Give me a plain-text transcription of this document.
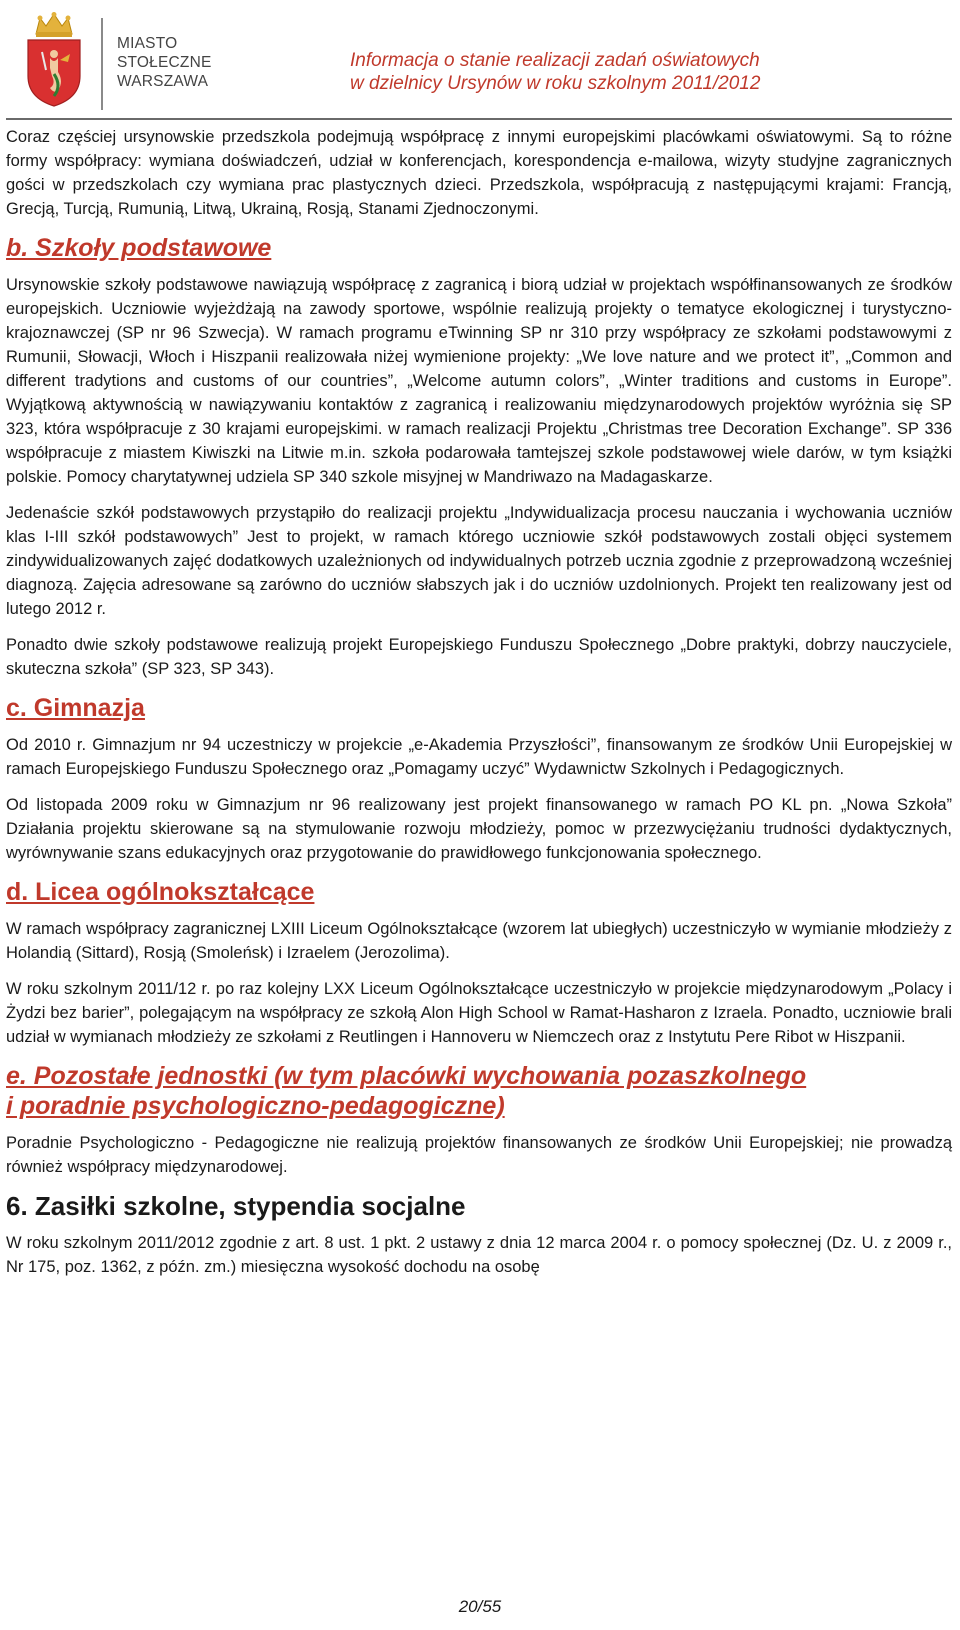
MIASTO
STOŁECZNE
WARSZAWA
Informacja o stanie realizacji zadań oświatowych
w dzielnicy Ursynów w roku szkolnym 2011/2012

Coraz częściej ursynowskie przedszkola podejmują współpracę z innymi europejskimi placówkami oświatowymi. Są to różne formy współpracy: wymiana doświadczeń, udział w konferencjach, korespondencja e-mailowa, wizyty studyjne zagranicznych gości w przedszkolach czy wymiana prac plastycznych dzieci. Przedszkola, współpracują z następującymi krajami: Francją, Grecją, Turcją, Rumunią, Litwą, Ukrainą, Rosją, Stanami Zjednoczonymi.

b. Szkoły podstawowe

Ursynowskie szkoły podstawowe nawiązują współpracę z zagranicą i biorą udział w projektach współfinansowanych ze środków europejskich. Uczniowie wyjeżdżają na zawody sportowe, wspólnie realizują projekty o tematyce ekologicznej i turystyczno-krajoznawczej (SP nr 96 Szwecja). W ramach programu eTwinning SP nr 310 przy współpracy ze szkołami podstawowymi z Rumunii, Słowacji, Włoch i Hiszpanii realizowała niżej wymienione projekty: „We love nature and we protect it”, „Common and different tradytions and customs of our countries”, „Welcome autumn colors”, „Winter traditions and customs in Europe”. Wyjątkową aktywnością w nawiązywaniu kontaktów z zagranicą i realizowaniu międzynarodowych projektów wyróżnia się SP 323, która współpracuje z 30 krajami europejskimi. w ramach realizacji Projektu „Christmas tree Decoration Exchange”. SP 336 współpracuje z miastem Kiwiszki na Litwie m.in. szkoła podarowała tamtejszej szkole podstawowej wiele darów, w tym książki polskie. Pomocy charytatywnej udziela SP 340 szkole misyjnej w Mandriwazo na Madagaskarze.

Jedenaście szkół podstawowych przystąpiło do realizacji projektu „Indywidualizacja procesu nauczania i wychowania uczniów klas I-III szkół podstawowych” Jest to projekt, w ramach którego uczniowie szkół podstawowych zostali objęci systemem zindywidualizowanych zajęć dodatkowych uzależnionych od indywidualnych potrzeb ucznia zgodnie z przeprowadzoną wcześniej diagnozą. Zajęcia adresowane są zarówno do uczniów słabszych jak i do uczniów uzdolnionych. Projekt ten realizowany jest od lutego 2012 r.

Ponadto dwie szkoły podstawowe realizują projekt Europejskiego Funduszu Społecznego „Dobre praktyki, dobrzy nauczyciele, skuteczna szkoła” (SP 323, SP 343).

c. Gimnazja

Od 2010 r. Gimnazjum nr 94 uczestniczy w projekcie „e-Akademia Przyszłości”, finansowanym ze środków Unii Europejskiej w ramach Europejskiego Funduszu Społecznego oraz „Pomagamy uczyć” Wydawnictw Szkolnych i Pedagogicznych.

Od listopada 2009 roku w Gimnazjum nr 96 realizowany jest projekt finansowanego w ramach PO KL pn. „Nowa Szkoła” Działania projektu skierowane są na stymulowanie rozwoju młodzieży, pomoc w przezwyciężaniu trudności dydaktycznych, wyrównywanie szans edukacyjnych oraz przygotowanie do prawidłowego funkcjonowania społecznego.

d. Licea ogólnokształcące

W ramach współpracy zagranicznej LXIII Liceum Ogólnokształcące (wzorem lat ubiegłych) uczestniczyło w wymianie młodzieży z Holandią (Sittard), Rosją (Smoleńsk) i Izraelem (Jerozolima).

W roku szkolnym 2011/12 r. po raz kolejny LXX Liceum Ogólnokształcące uczestniczyło w projekcie międzynarodowym „Polacy i Żydzi bez barier”, polegającym na współpracy ze szkołą Alon High School w Ramat-Hasharon z Izraela. Ponadto, uczniowie brali udział w wymianach młodzieży ze szkołami z Reutlingen i Hannoveru w Niemczech oraz z Instytutu Pere Ribot w Hiszpanii.

e. Pozostałe jednostki (w tym placówki wychowania pozaszkolnego
i poradnie psychologiczno-pedagogiczne)

Poradnie Psychologiczno - Pedagogiczne nie realizują projektów finansowanych ze środków Unii Europejskiej; nie prowadzą również współpracy międzynarodowej.

6. Zasiłki szkolne, stypendia socjalne

W roku szkolnym 2011/2012 zgodnie z art. 8 ust. 1 pkt. 2 ustawy z dnia 12 marca 2004 r. o pomocy społecznej (Dz. U. z 2009 r., Nr 175, poz. 1362, z późn. zm.) miesięczna wysokość dochodu na osobę

20/55
